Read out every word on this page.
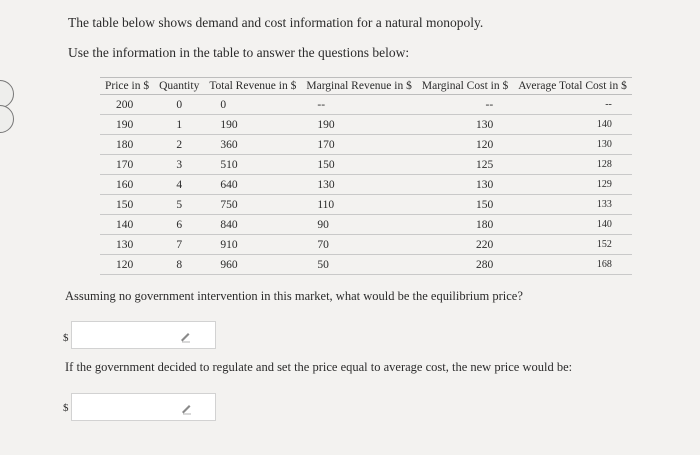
The table below shows demand and cost information for a natural monopoly.
Use the information in the table to answer the questions below:
Price in $	Quantity	Total Revenue in $	Marginal Revenue in $	Marginal Cost in $	Average Total Cost in $
200	0	0	--	--	--
190	1	190	190	130	140
180	2	360	170	120	130
170	3	510	150	125	128
160	4	640	130	130	129
150	5	750	110	150	133
140	6	840	90	180	140
130	7	910	70	220	152
120	8	960	50	280	168
Assuming no government intervention in this market, what would be the equilibrium price?
$
If the government decided to regulate and set the price equal to average cost, the new price would be:
$
